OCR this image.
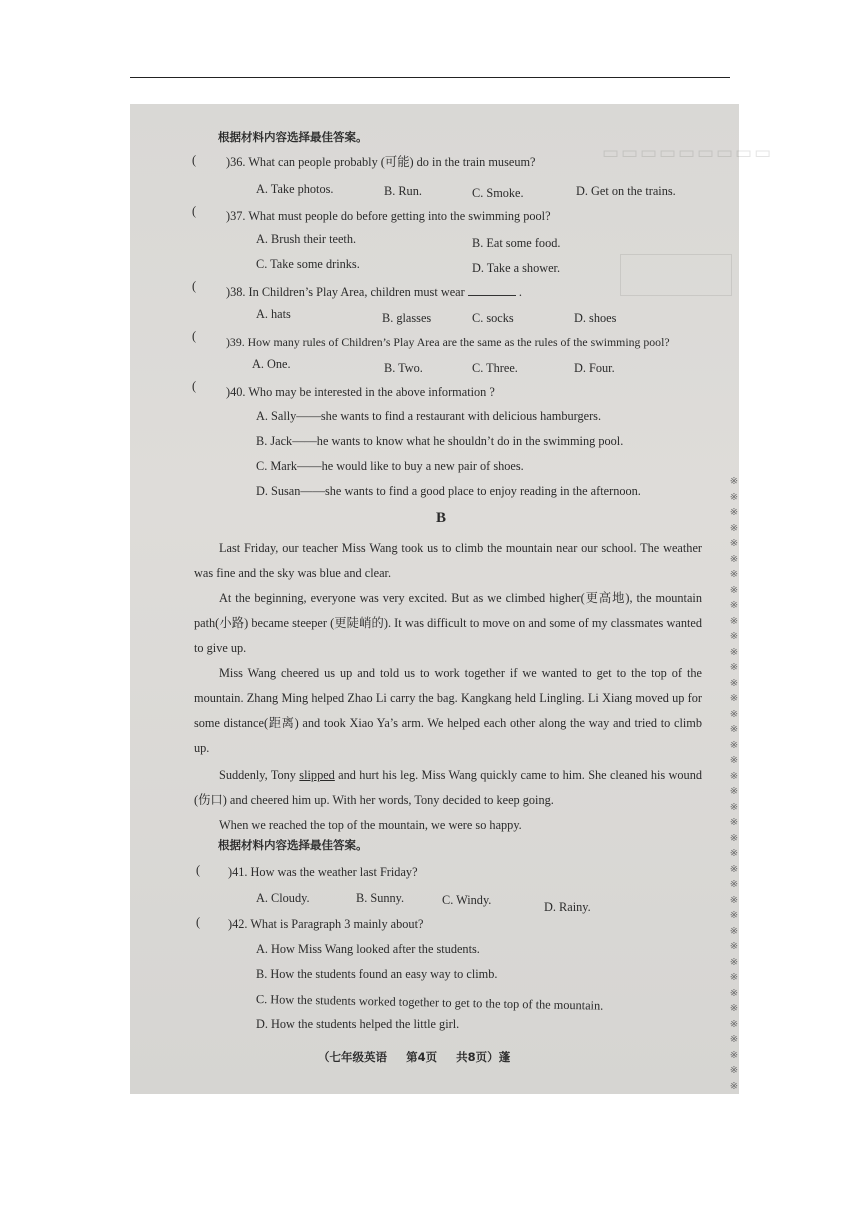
▭▭▭▭▭▭▭▭▭
※
※
※
※
※
※
※
※
※
※
※
※
※
※
※
※
※
※
※
※
※
※
※
※
※
※
※
※
※
※
※
※
※
※
※
※
※
※
※
※
根据材料内容选择最佳答案。
( )36. What can people probably (可能) do in the train museum?
A. Take photos.	B. Run.	C. Smoke.	D. Get on the trains.
( )37. What must people do before getting into the swimming pool?
A. Brush their teeth.	B. Eat some food.
C. Take some drinks.	D. Take a shower.
( )38. In Children’s Play Area, children must wear	.
A. hats	B. glasses	C. socks	D. shoes
(	)39. How many rules of Children’s Play Area are the same as the rules of the swimming pool?
A. One.	B. Two.	C. Three.	D. Four.
( )40. Who may be interested in the above information ?
A. Sally——she wants to find a restaurant with delicious hamburgers.
B. Jack——he wants to know what he shouldn’t do in the swimming pool.
C. Mark——he would like to buy a new pair of shoes.
D. Susan——she wants to find a good place to enjoy reading in the afternoon.
B
Last Friday, our teacher Miss Wang took us to climb the mountain near our school. The weather was fine and the sky was blue and clear.
At the beginning, everyone was very excited. But as we climbed higher(更高地), the mountain path(小路) became steeper (更陡峭的). It was difficult to move on and some of my classmates wanted to give up.
Miss Wang cheered us up and told us to work together if we wanted to get to the top of the mountain. Zhang Ming helped Zhao Li carry the bag. Kangkang held Lingling. Li Xiang moved up for some distance(距离) and took Xiao Ya’s arm. We helped each other along the way and tried to climb up.
Suddenly, Tony slipped and hurt his leg. Miss Wang quickly came to him. She cleaned his wound (伤口) and cheered him up. With her words, Tony decided to keep going.
When we reached the top of the mountain, we were so happy.
根据材料内容选择最佳答案。
( )41. How was the weather last Friday?
A. Cloudy.	B. Sunny.	C. Windy.	D. Rainy.
( )42. What is Paragraph 3 mainly about?
A. How Miss Wang looked after the students.
B. How the students found an easy way to climb.
C. How the students worked together to get to the top of the mountain.
D. How the students helped the little girl.
（七年级英语 第4页 共8页）蓬
